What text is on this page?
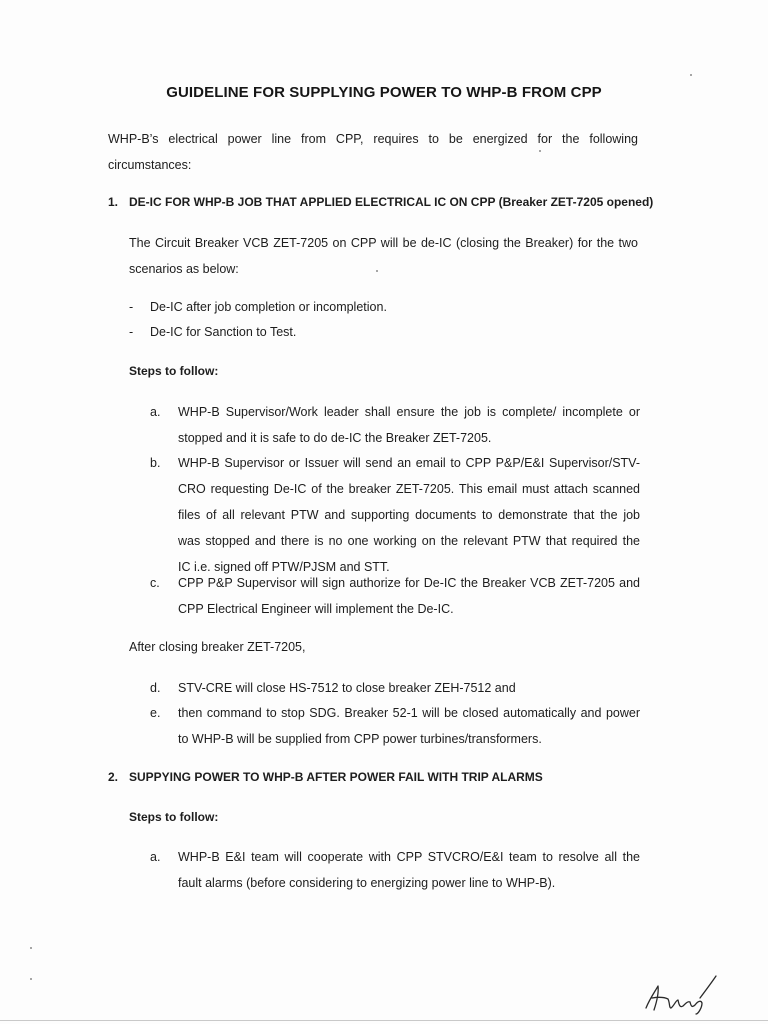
GUIDELINE FOR SUPPLYING POWER TO WHP-B FROM CPP
WHP-B’s electrical power line from CPP, requires to be energized for the following
circumstances:
1. DE-IC FOR WHP-B JOB THAT APPLIED ELECTRICAL IC ON CPP (Breaker ZET-7205 opened)
The Circuit Breaker VCB ZET-7205 on CPP will be de-IC (closing the Breaker) for the two
scenarios as below:
- De-IC after job completion or incompletion.
- De-IC for Sanction to Test.
Steps to follow:
a. WHP-B Supervisor/Work leader shall ensure the job is complete/ incomplete or
stopped and it is safe to do de-IC the Breaker ZET-7205.
b. WHP-B Supervisor or Issuer will send an email to CPP P&P/E&I Supervisor/STV-
CRO requesting De-IC of the breaker ZET-7205. This email must attach scanned
files of all relevant PTW and supporting documents to demonstrate that the job
was stopped and there is no one working on the relevant PTW that required the
IC i.e. signed off PTW/PJSM and STT.
c. CPP P&P Supervisor will sign authorize for De-IC the Breaker VCB ZET-7205 and
CPP Electrical Engineer will implement the De-IC.
After closing breaker ZET-7205,
d. STV-CRE will close HS-7512 to close breaker ZEH-7512 and
e. then command to stop SDG. Breaker 52-1 will be closed automatically and power
to WHP-B will be supplied from CPP power turbines/transformers.
2. SUPPYING POWER TO WHP-B AFTER POWER FAIL WITH TRIP ALARMS
Steps to follow:
a. WHP-B E&I team will cooperate with CPP STVCRO/E&I team to resolve all the
fault alarms (before considering to energizing power line to WHP-B).
